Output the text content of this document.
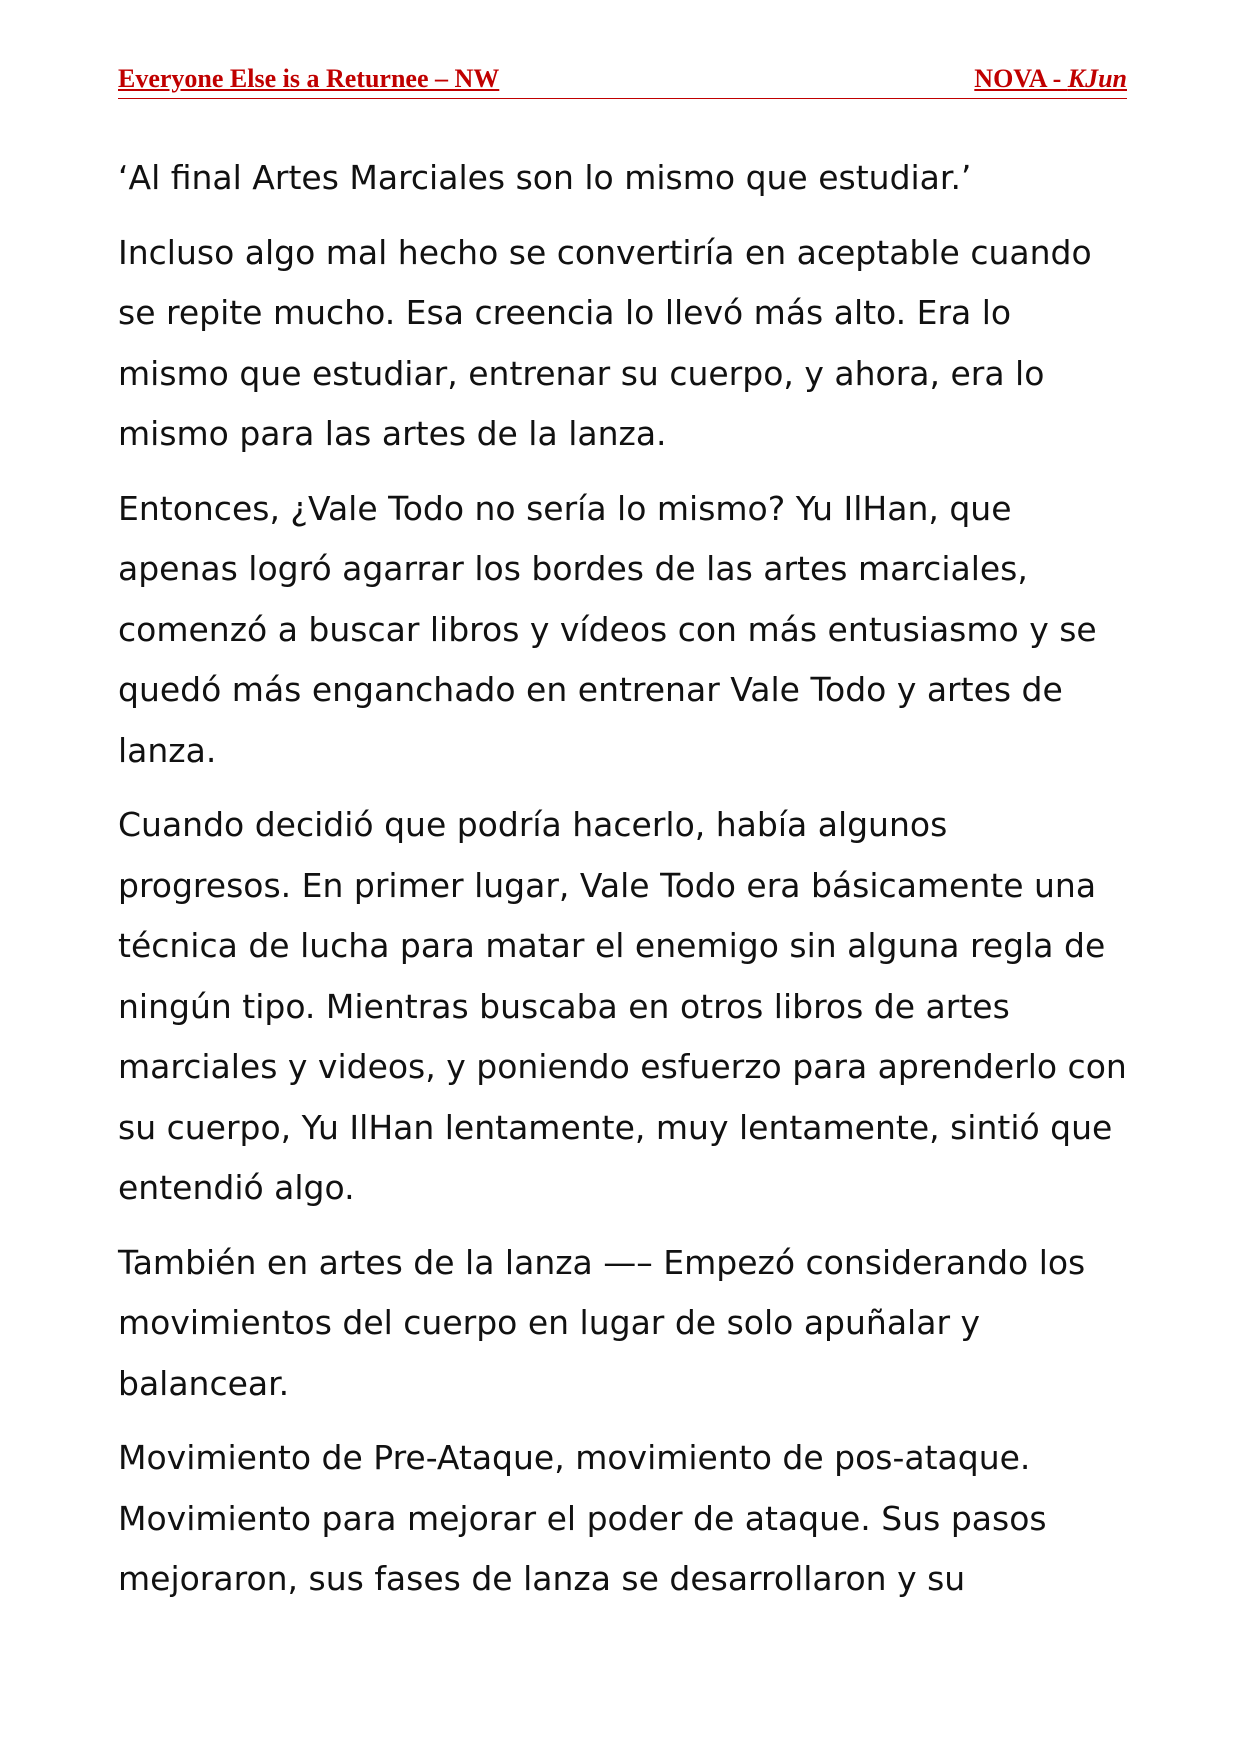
Everyone Else is a Returnee – NW	NOVA - KJun

‘Al final Artes Marciales son lo mismo que estudiar.’

Incluso algo mal hecho se convertiría en aceptable cuando se repite mucho. Esa creencia lo llevó más alto. Era lo mismo que estudiar, entrenar su cuerpo, y ahora, era lo mismo para las artes de la lanza.

Entonces, ¿Vale Todo no sería lo mismo? Yu IlHan, que apenas logró agarrar los bordes de las artes marciales, comenzó a buscar libros y vídeos con más entusiasmo y se quedó más enganchado en entrenar Vale Todo y artes de lanza.

Cuando decidió que podría hacerlo, había algunos progresos. En primer lugar, Vale Todo era básicamente una técnica de lucha para matar el enemigo sin alguna regla de ningún tipo. Mientras buscaba en otros libros de artes marciales y videos, y poniendo esfuerzo para aprenderlo con su cuerpo, Yu IlHan lentamente, muy lentamente, sintió que entendió algo.

También en artes de la lanza —– Empezó considerando los movimientos del cuerpo en lugar de solo apuñalar y balancear.

Movimiento de Pre-Ataque, movimiento de pos-ataque. Movimiento para mejorar el poder de ataque. Sus pasos mejoraron, sus fases de lanza se desarrollaron y su
